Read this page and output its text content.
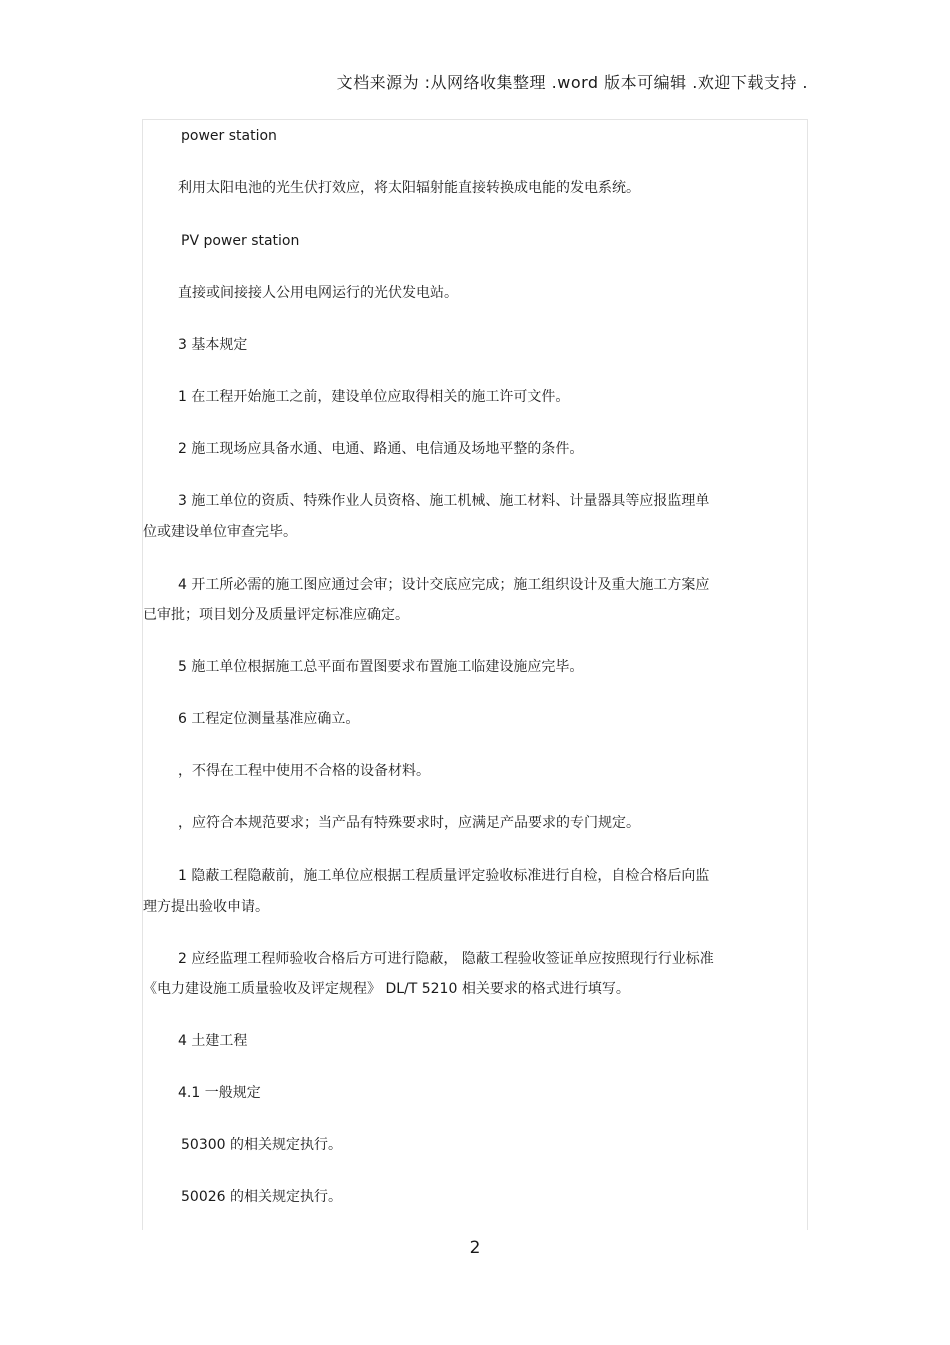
文档来源为 :从网络收集整理 .word 版本可编辑 .欢迎下载支持 .
power station
利用太阳电池的光生伏打效应，将太阳辐射能直接转换成电能的发电系统。
PV power station
直接或间接接人公用电网运行的光伏发电站。
3 基本规定
1 在工程开始施工之前，建设单位应取得相关的施工许可文件。
2 施工现场应具备水通、电通、路通、电信通及场地平整的条件。
3 施工单位的资质、特殊作业人员资格、施工机械、施工材料、计量器具等应报监理单
位或建设单位审查完毕。
4 开工所必需的施工图应通过会审；设计交底应完成；施工组织设计及重大施工方案应
已审批；项目划分及质量评定标准应确定。
5 施工单位根据施工总平面布置图要求布置施工临建设施应完毕。
6 工程定位测量基准应确立。
，不得在工程中使用不合格的设备材料。
，应符合本规范要求；当产品有特殊要求时，应满足产品要求的专门规定。
1 隐蔽工程隐蔽前，施工单位应根据工程质量评定验收标准进行自检，自检合格后向监
理方提出验收申请。
2 应经监理工程师验收合格后方可进行隐蔽， 隐蔽工程验收签证单应按照现行行业标准
《电力建设施工质量验收及评定规程》 DL/T 5210 相关要求的格式进行填写。
4 土建工程
4.1 一般规定
50300 的相关规定执行。
50026 的相关规定执行。
2
